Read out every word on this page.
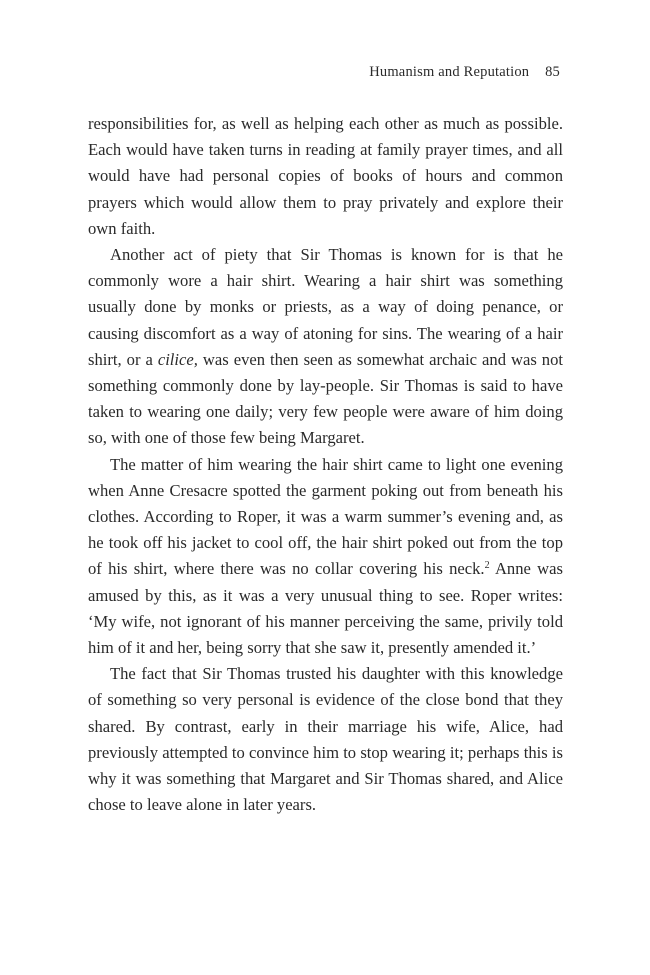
Humanism and Reputation 85

responsibilities for, as well as helping each other as much as possible. Each would have taken turns in reading at family prayer times, and all would have had personal copies of books of hours and common prayers which would allow them to pray privately and explore their own faith.

Another act of piety that Sir Thomas is known for is that he commonly wore a hair shirt. Wearing a hair shirt was something usually done by monks or priests, as a way of doing penance, or causing discomfort as a way of atoning for sins. The wearing of a hair shirt, or a cilice, was even then seen as somewhat archaic and was not something commonly done by lay-people. Sir Thomas is said to have taken to wearing one daily; very few people were aware of him doing so, with one of those few being Margaret.

The matter of him wearing the hair shirt came to light one evening when Anne Cresacre spotted the garment poking out from beneath his clothes. According to Roper, it was a warm summer’s evening and, as he took off his jacket to cool off, the hair shirt poked out from the top of his shirt, where there was no collar covering his neck.$^2$ Anne was amused by this, as it was a very unusual thing to see. Roper writes: ‘My wife, not ignorant of his manner perceiving the same, privily told him of it and her, being sorry that she saw it, presently amended it.’

The fact that Sir Thomas trusted his daughter with this knowledge of something so very personal is evidence of the close bond that they shared. By contrast, early in their marriage his wife, Alice, had previously attempted to convince him to stop wearing it; perhaps this is why it was something that Margaret and Sir Thomas shared, and Alice chose to leave alone in later years.
